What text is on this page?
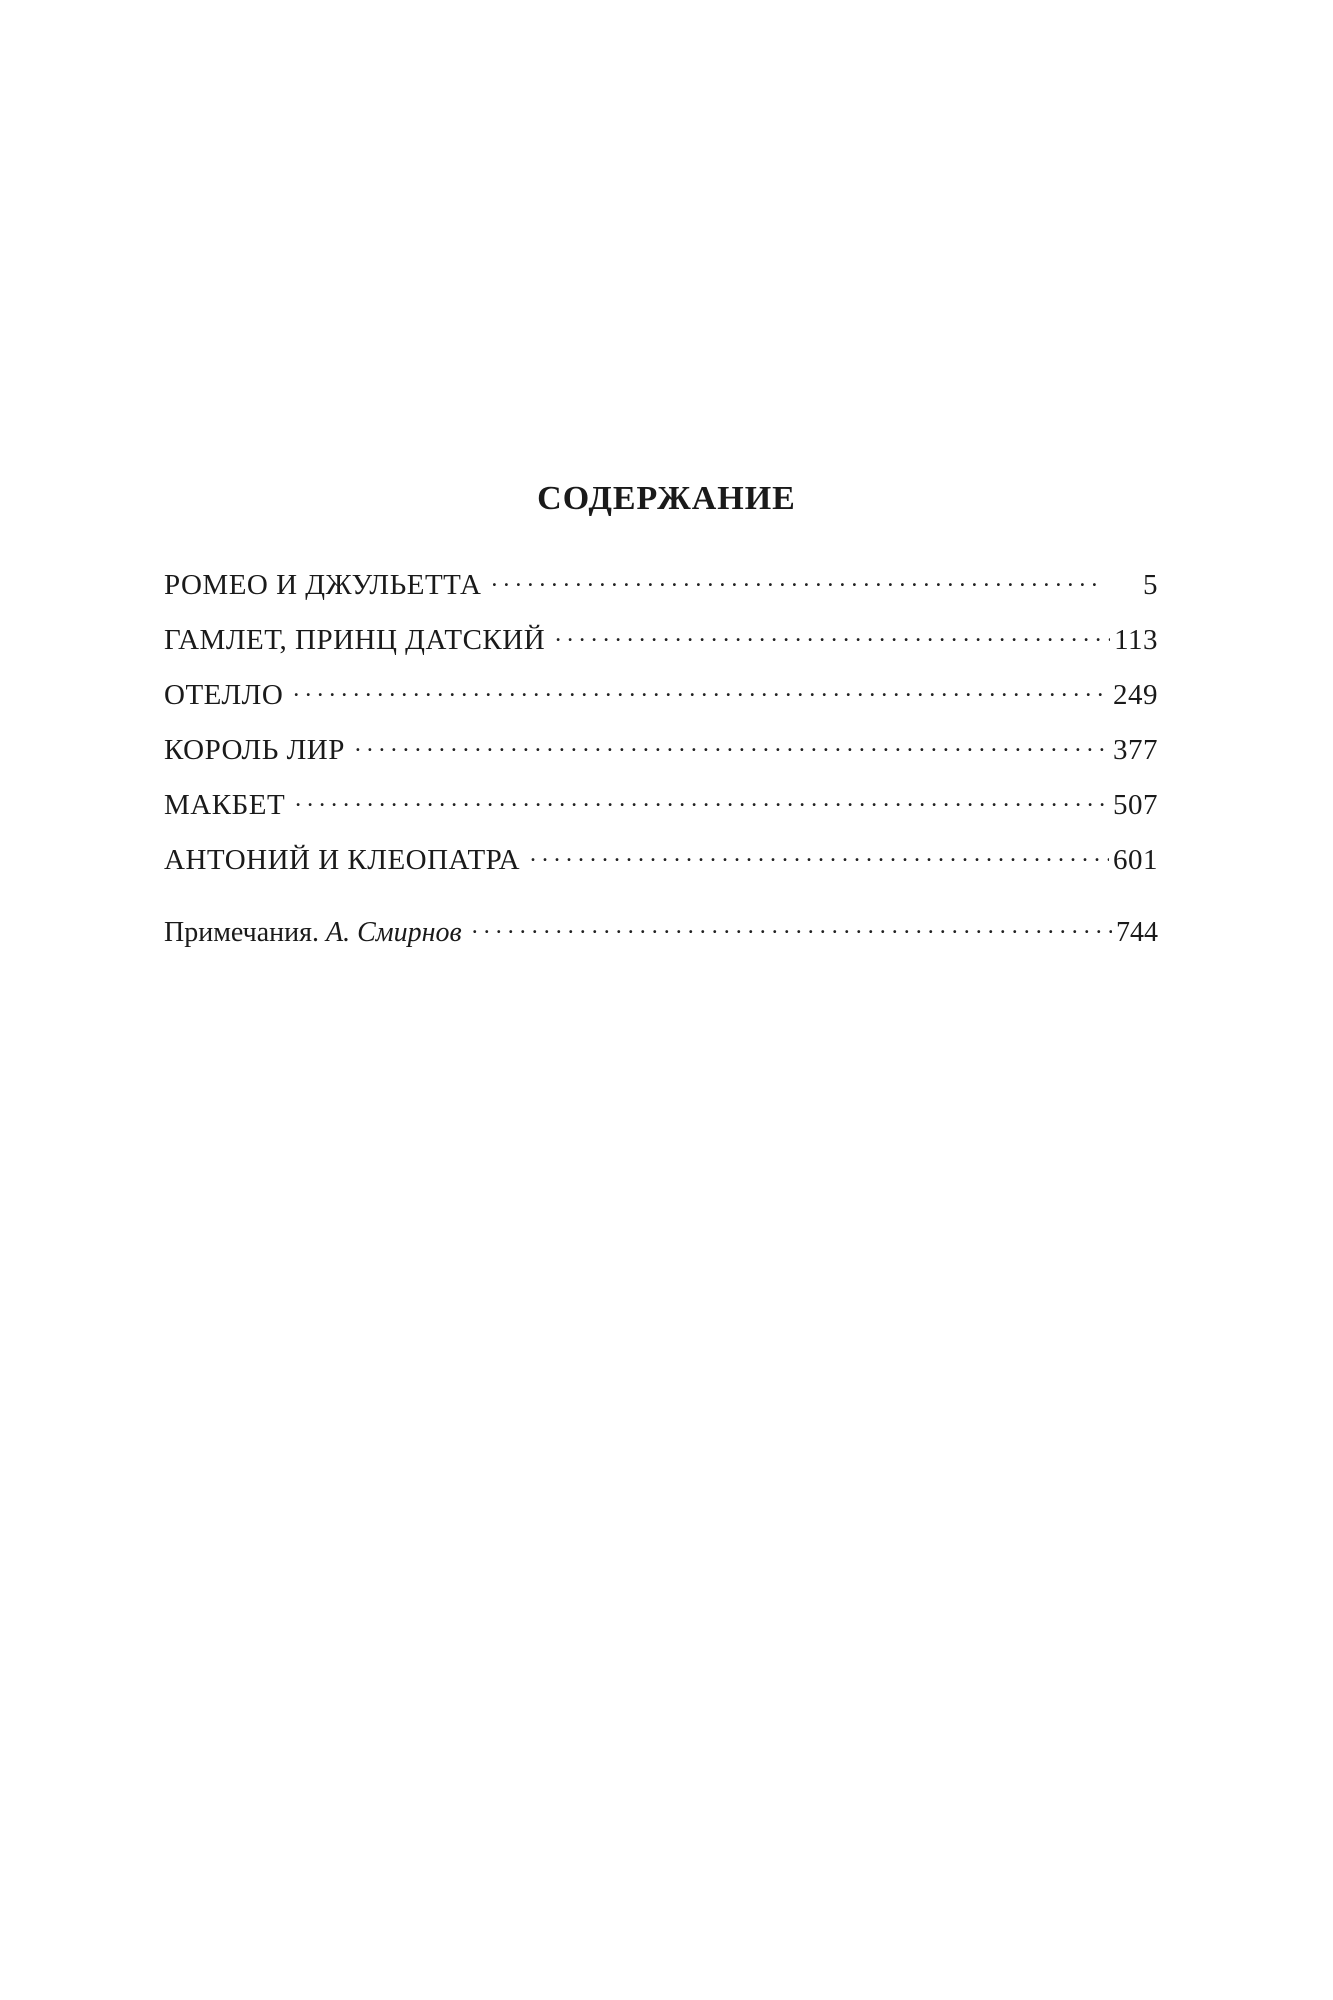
СОДЕРЖАНИЕ
РОМЕО И ДЖУЛЬЕТТА . . .	5
ГАМЛЕТ, ПРИНЦ ДАТСКИЙ . . .	113
ОТЕЛЛО . . .	249
КОРОЛЬ ЛИР . . .	377
МАКБЕТ . . .	507
АНТОНИЙ И КЛЕОПАТРА . . .	601
Примечания. А. Смирнов . . .	744
